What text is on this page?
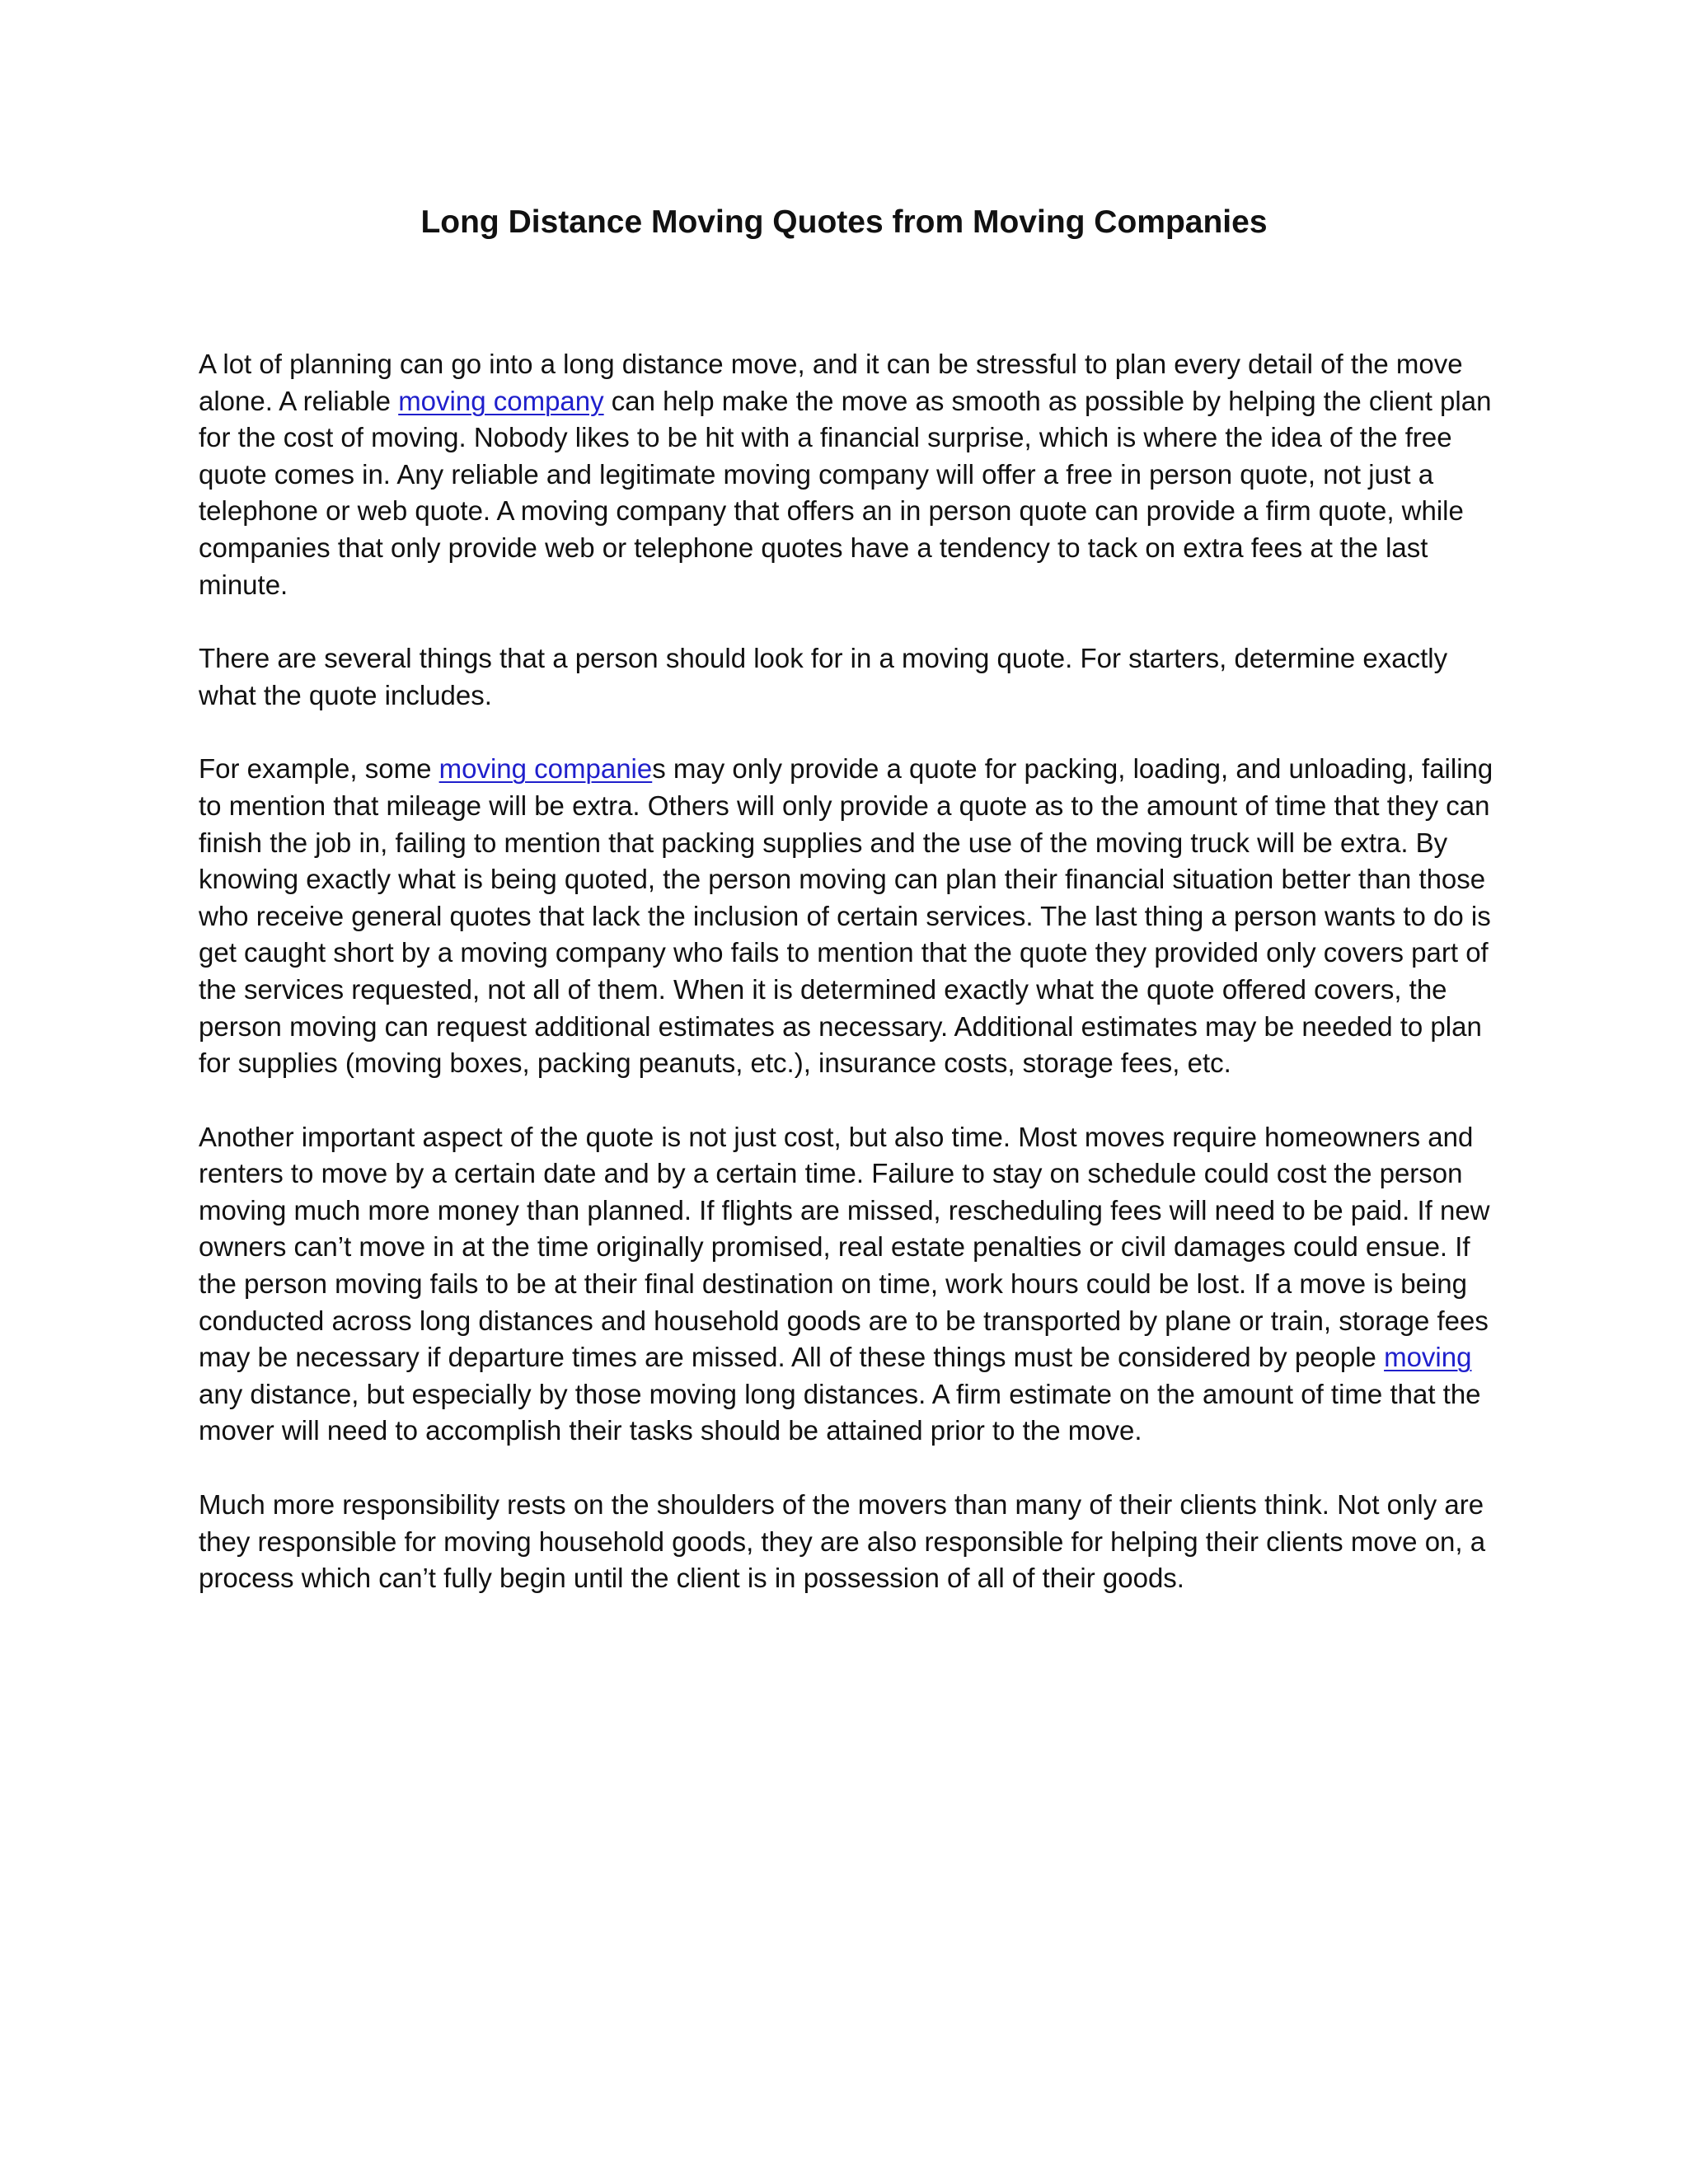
Long Distance Moving Quotes from Moving Companies

A lot of planning can go into a long distance move, and it can be stressful to plan every detail of the move alone. A reliable moving company can help make the move as smooth as possible by helping the client plan for the cost of moving. Nobody likes to be hit with a financial surprise, which is where the idea of the free quote comes in. Any reliable and legitimate moving company will offer a free in person quote, not just a telephone or web quote. A moving company that offers an in person quote can provide a firm quote, while companies that only provide web or telephone quotes have a tendency to tack on extra fees at the last minute.

There are several things that a person should look for in a moving quote. For starters, determine exactly what the quote includes.

For example, some moving companies may only provide a quote for packing, loading, and unloading, failing to mention that mileage will be extra. Others will only provide a quote as to the amount of time that they can finish the job in, failing to mention that packing supplies and the use of the moving truck will be extra. By knowing exactly what is being quoted, the person moving can plan their financial situation better than those who receive general quotes that lack the inclusion of certain services. The last thing a person wants to do is get caught short by a moving company who fails to mention that the quote they provided only covers part of the services requested, not all of them. When it is determined exactly what the quote offered covers, the person moving can request additional estimates as necessary. Additional estimates may be needed to plan for supplies (moving boxes, packing peanuts, etc.), insurance costs, storage fees, etc.

Another important aspect of the quote is not just cost, but also time. Most moves require homeowners and renters to move by a certain date and by a certain time. Failure to stay on schedule could cost the person moving much more money than planned. If flights are missed, rescheduling fees will need to be paid. If new owners can’t move in at the time originally promised, real estate penalties or civil damages could ensue. If the person moving fails to be at their final destination on time, work hours could be lost. If a move is being conducted across long distances and household goods are to be transported by plane or train, storage fees may be necessary if departure times are missed. All of these things must be considered by people moving any distance, but especially by those moving long distances. A firm estimate on the amount of time that the mover will need to accomplish their tasks should be attained prior to the move.

Much more responsibility rests on the shoulders of the movers than many of their clients think. Not only are they responsible for moving household goods, they are also responsible for helping their clients move on, a process which can’t fully begin until the client is in possession of all of their goods.
